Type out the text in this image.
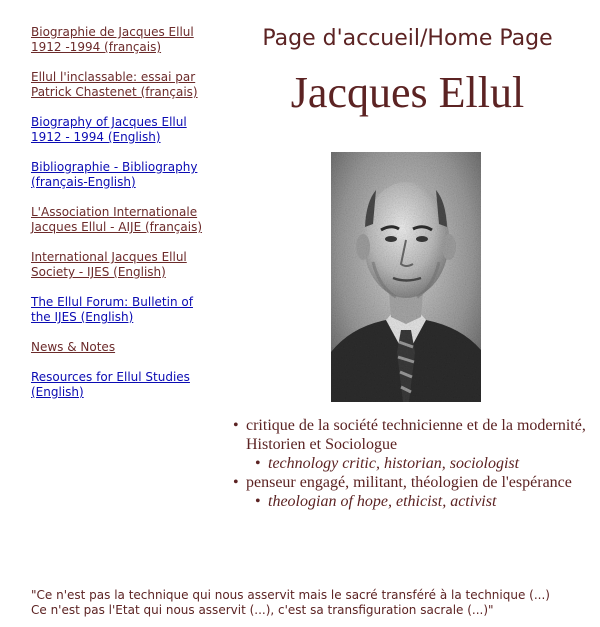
Biographie de Jacques Ellul 1912 -1994 (français)
Ellul l'inclassable: essai par Patrick Chastenet (français)
Biography of Jacques Ellul 1912 - 1994 (English)
Bibliographie - Bibliography (français-English)
L'Association Internationale Jacques Ellul - AIJE (français)
International Jacques Ellul Society - IJES (English)
The Ellul Forum: Bulletin of the IJES (English)
News & Notes
Resources for Ellul Studies (English)
Page d'accueil/Home Page
Jacques Ellul
• critique de la société technicienne et de la modernité, Historien et Sociologue
• technology critic, historian, sociologist
• penseur engagé, militant, théologien de l'espérance
• theologian of hope, ethicist, activist
"Ce n'est pas la technique qui nous asservit mais le sacré transféré à la technique (...)
Ce n'est pas l'Etat qui nous asservit (...), c'est sa transfiguration sacrale (...)"
